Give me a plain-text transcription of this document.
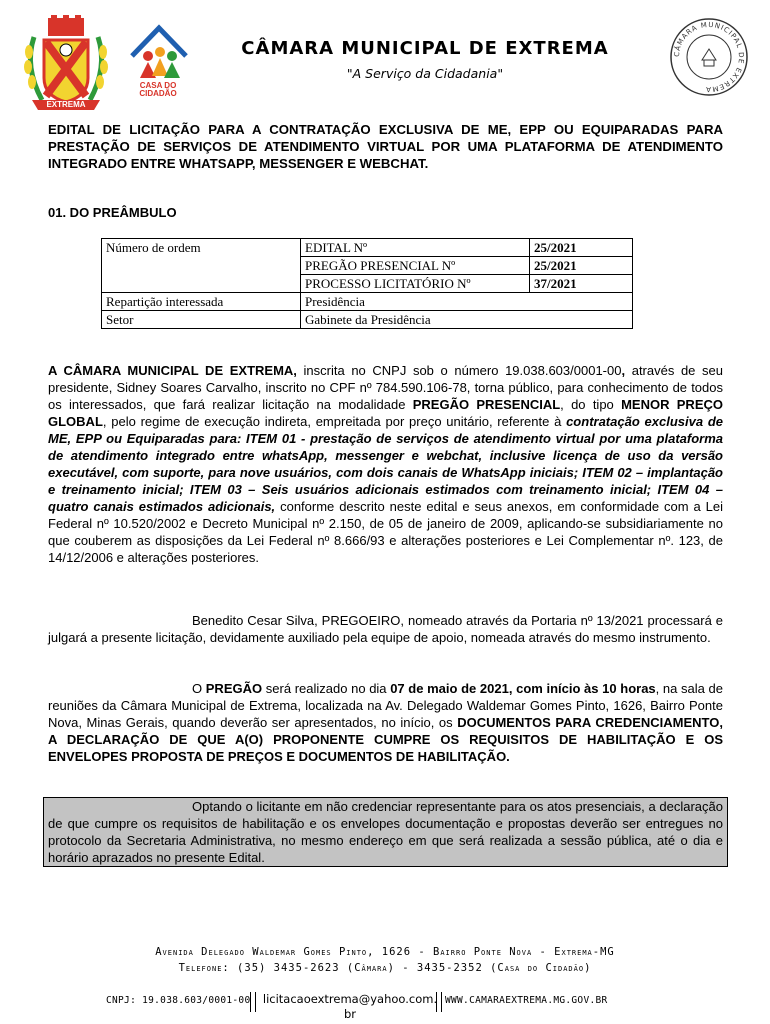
EXTREMA
CASA DO CIDADÃO
CÂMARA MUNICIPAL DE EXTREMA
"A Serviço da Cidadania"
CÂMARA MUNICIPAL DE EXTREMA
EDITAL DE LICITAÇÃO PARA A CONTRATAÇÃO EXCLUSIVA DE ME, EPP OU EQUIPARADAS PARA PRESTAÇÃO DE SERVIÇOS DE ATENDIMENTO VIRTUAL POR UMA PLATAFORMA DE ATENDIMENTO INTEGRADO ENTRE WHATSAPP, MESSENGER E WEBCHAT.
01. DO PREÂMBULO
Número de ordem	EDITAL Nº	25/2021
	PREGÃO PRESENCIAL Nº	25/2021
	PROCESSO LICITATÓRIO Nº	37/2021
Repartição interessada	Presidência	
Setor	Gabinete da Presidência	
A CÂMARA MUNICIPAL DE EXTREMA, inscrita no CNPJ sob o número 19.038.603/0001-00, através de seu presidente, Sidney Soares Carvalho, inscrito no CPF nº 784.590.106-78, torna público, para conhecimento de todos os interessados, que fará realizar licitação na modalidade PREGÃO PRESENCIAL, do tipo MENOR PREÇO GLOBAL, pelo regime de execução indireta, empreitada por preço unitário, referente à contratação exclusiva de ME, EPP ou Equiparadas para: ITEM 01 - prestação de serviços de atendimento virtual por uma plataforma de atendimento integrado entre whatsApp, messenger e webchat, inclusive licença de uso da versão executável, com suporte, para nove usuários, com dois canais de WhatsApp iniciais; ITEM 02 – implantação e treinamento inicial; ITEM 03 – Seis usuários adicionais estimados com treinamento inicial; ITEM 04 – quatro canais estimados adicionais, conforme descrito neste edital e seus anexos, em conformidade com a Lei Federal nº 10.520/2002 e Decreto Municipal nº 2.150, de 05 de janeiro de 2009, aplicando-se subsidiariamente no que couberem as disposições da Lei Federal nº 8.666/93 e alterações posteriores e Lei Complementar nº. 123, de 14/12/2006 e alterações posteriores.
Benedito Cesar Silva, PREGOEIRO, nomeado através da Portaria nº 13/2021 processará e julgará a presente licitação, devidamente auxiliado pela equipe de apoio, nomeada através do mesmo instrumento.
O PREGÃO será realizado no dia 07 de maio de 2021, com início às 10 horas, na sala de reuniões da Câmara Municipal de Extrema, localizada na Av. Delegado Waldemar Gomes Pinto, 1626, Bairro Ponte Nova, Minas Gerais, quando deverão ser apresentados, no início, os DOCUMENTOS PARA CREDENCIAMENTO, A DECLARAÇÃO DE QUE A(O) PROPONENTE CUMPRE OS REQUISITOS DE HABILITAÇÃO E OS ENVELOPES PROPOSTA DE PREÇOS E DOCUMENTOS DE HABILITAÇÃO.
Optando o licitante em não credenciar representante para os atos presenciais, a declaração de que cumpre os requisitos de habilitação e os envelopes documentação e propostas deverão ser entregues no protocolo da Secretaria Administrativa, no mesmo endereço em que será realizada a sessão pública, até o dia e horário aprazados no presente Edital.
Avenida Delegado Waldemar Gomes Pinto, 1626 - Bairro Ponte Nova - Extrema-MG
Telefone: (35) 3435-2623 (Câmara) - 3435-2352 (Casa do Cidadão)
CNPJ: 19.038.603/0001-00 licitacaoextrema@yahoo.com.br
WWW.CAMARAEXTREMA.MG.GOV.BR
